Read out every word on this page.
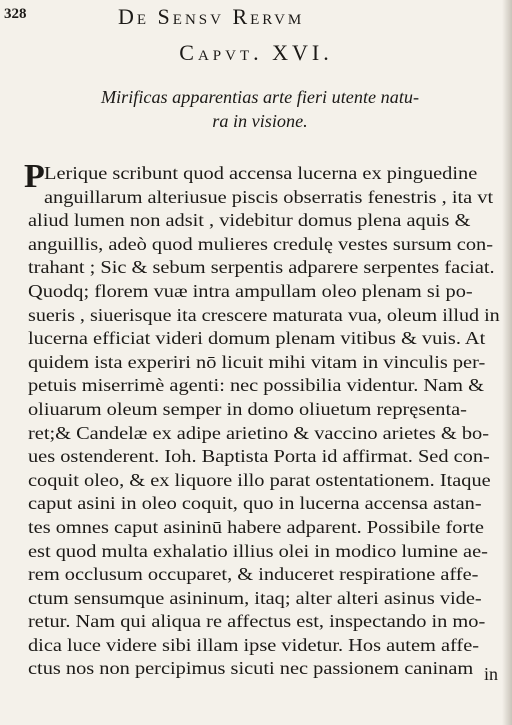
328	De Sensv Rervm
Capvt. XVI.
Mirificas apparentias arte fieri utente natu-
ra in visione.
P Lerique scribunt quod accensa lucerna ex pinguedine
anguillarum alteriusue piscis obserratis fenestris , ita vt
aliud lumen non adsit , videbitur domus plena aquis &
anguillis, adeò quod mulieres credulę vestes sursum con-
trahant ; Sic & sebum serpentis adparere serpentes faciat.
Quodq; florem vuæ intra ampullam oleo plenam si po-
sueris , siuerisque ita crescere maturata vua, oleum illud in
lucerna efficiat videri domum plenam vitibus & vuis. At
quidem ista experiri nō licuit mihi vitam in vinculis per-
petuis miserrimè agenti: nec possibilia videntur. Nam &
oliuarum oleum semper in domo oliuetum repręsenta-
ret;& Candelæ ex adipe arietino & vaccino arietes & bo-
ues ostenderent. Ioh. Baptista Porta id affirmat. Sed con-
coquit oleo, & ex liquore illo parat ostentationem. Itaque
caput asini in oleo coquit, quo in lucerna accensa astan-
tes omnes caput asininū habere adparent. Possibile forte
est quod multa exhalatio illius olei in modico lumine ae-
rem occlusum occuparet, & induceret respiratione affe-
ctum sensumque asininum, itaq; alter alteri asinus vide-
retur. Nam qui aliqua re affectus est, inspectando in mo-
dica luce videre sibi illam ipse videtur. Hos autem affe-
ctus nos non percipimus sicuti nec passionem caninam in
